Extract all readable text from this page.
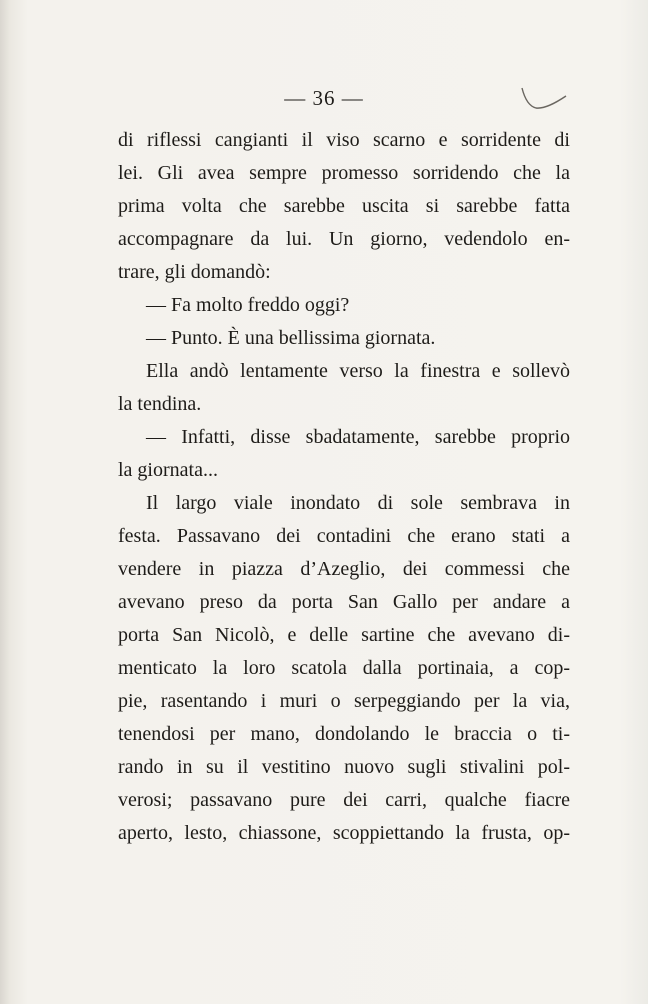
— 36 —
di riflessi cangianti il viso scarno e sorridente di
lei. Gli avea sempre promesso sorridendo che la
prima volta che sarebbe uscita si sarebbe fatta
accompagnare da lui. Un giorno, vedendolo en-
trare, gli domandò:
— Fa molto freddo oggi?
— Punto. È una bellissima giornata.
Ella andò lentamente verso la finestra e sollevò
la tendina.
— Infatti, disse sbadatamente, sarebbe proprio
la giornata...
Il largo viale inondato di sole sembrava in
festa. Passavano dei contadini che erano stati a
vendere in piazza d’Azeglio, dei commessi che
avevano preso da porta San Gallo per andare a
porta San Nicolò, e delle sartine che avevano di-
menticato la loro scatola dalla portinaia, a cop-
pie, rasentando i muri o serpeggiando per la via,
tenendosi per mano, dondolando le braccia o ti-
rando in su il vestitino nuovo sugli stivalini pol-
verosi; passavano pure dei carri, qualche fiacre
aperto, lesto, chiassone, scoppiettando la frusta, op-
